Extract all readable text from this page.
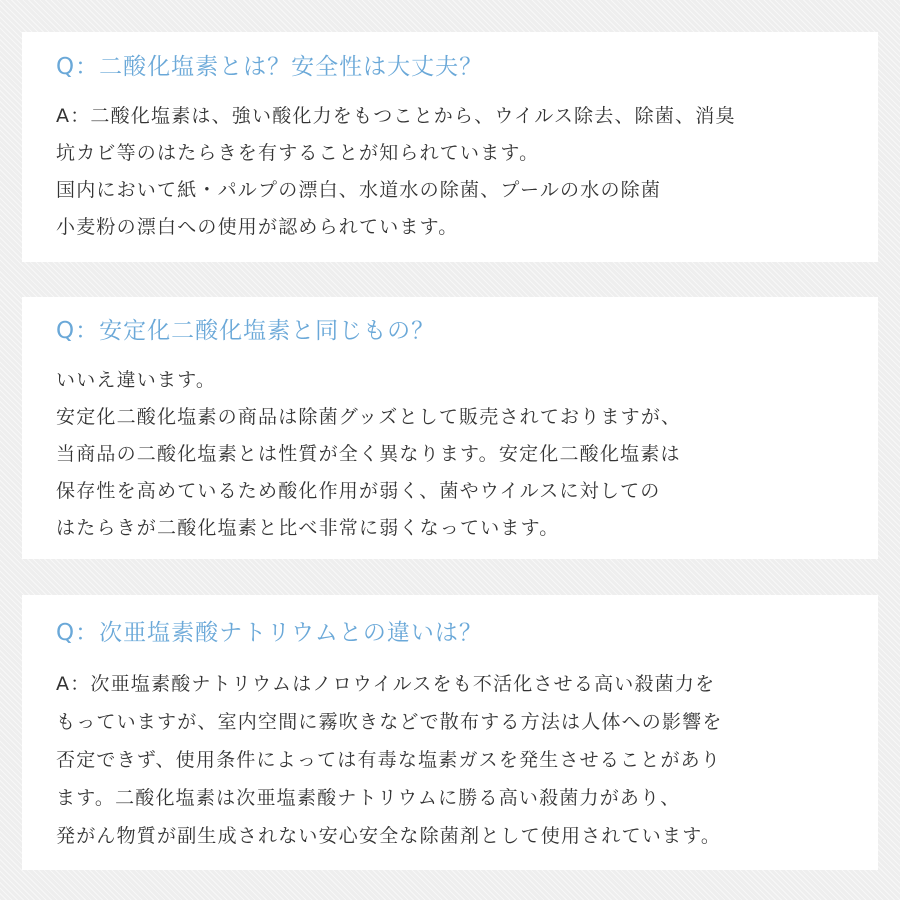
Q：二酸化塩素とは？安全性は大丈夫？
A：二酸化塩素は、強い酸化力をもつことから、ウイルス除去、除菌、消臭
坑カビ等のはたらきを有することが知られています。
国内において紙・パルプの漂白、水道水の除菌、プールの水の除菌
小麦粉の漂白への使用が認められています。
Q：安定化二酸化塩素と同じもの？
いいえ違います。
安定化二酸化塩素の商品は除菌グッズとして販売されておりますが、
当商品の二酸化塩素とは性質が全く異なります。安定化二酸化塩素は
保存性を高めているため酸化作用が弱く、菌やウイルスに対しての
はたらきが二酸化塩素と比べ非常に弱くなっています。
Q：次亜塩素酸ナトリウムとの違いは？
A：次亜塩素酸ナトリウムはノロウイルスをも不活化させる高い殺菌力を
もっていますが、室内空間に霧吹きなどで散布する方法は人体への影響を
否定できず、使用条件によっては有毒な塩素ガスを発生させることがあり
ます。二酸化塩素は次亜塩素酸ナトリウムに勝る高い殺菌力があり、
発がん物質が副生成されない安心安全な除菌剤として使用されています。
